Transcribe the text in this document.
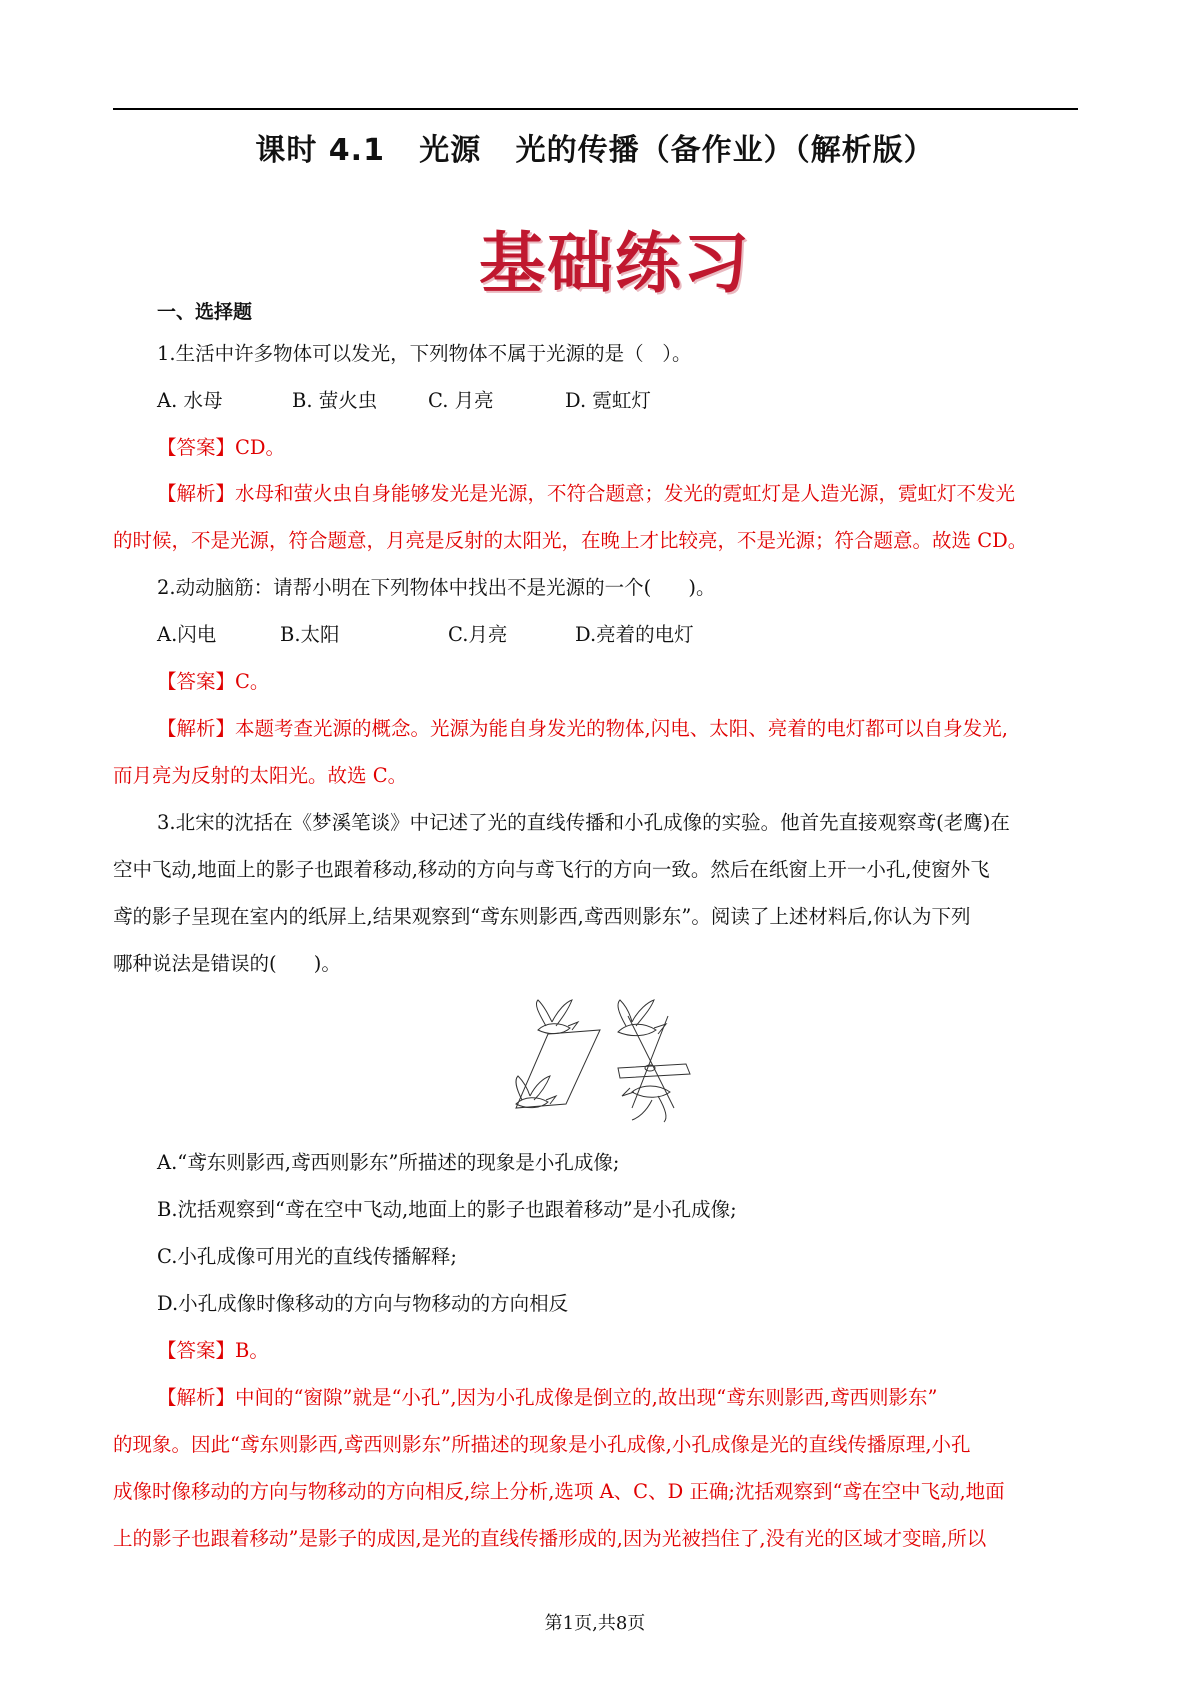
课时 4.1   光源   光的传播（备作业）（解析版）
基础练习
一、选择题
1.生活中许多物体可以发光，下列物体不属于光源的是（   ）。
A. 水母	B. 萤火虫	C. 月亮	D. 霓虹灯
【答案】CD。
【解析】水母和萤火虫自身能够发光是光源，不符合题意；发光的霓虹灯是人造光源，霓虹灯不发光
的时候，不是光源，符合题意，月亮是反射的太阳光，在晚上才比较亮，不是光源；符合题意。故选 CD。
2.动动脑筋：请帮小明在下列物体中找出不是光源的一个(      )。
A.闪电	B.太阳	C.月亮	D.亮着的电灯
【答案】C。
【解析】本题考查光源的概念。光源为能自身发光的物体,闪电、太阳、亮着的电灯都可以自身发光,
而月亮为反射的太阳光。故选 C。
3.北宋的沈括在《梦溪笔谈》中记述了光的直线传播和小孔成像的实验。他首先直接观察鸢(老鹰)在
空中飞动,地面上的影子也跟着移动,移动的方向与鸢飞行的方向一致。然后在纸窗上开一小孔,使窗外飞
鸢的影子呈现在室内的纸屏上,结果观察到“鸢东则影西,鸢西则影东”。阅读了上述材料后,你认为下列
哪种说法是错误的(      )。
A.“鸢东则影西,鸢西则影东”所描述的现象是小孔成像;
B.沈括观察到“鸢在空中飞动,地面上的影子也跟着移动”是小孔成像;
C.小孔成像可用光的直线传播解释;
D.小孔成像时像移动的方向与物移动的方向相反
【答案】B。
【解析】中间的“窗隙”就是“小孔”,因为小孔成像是倒立的,故出现“鸢东则影西,鸢西则影东”
的现象。因此“鸢东则影西,鸢西则影东”所描述的现象是小孔成像,小孔成像是光的直线传播原理,小孔
成像时像移动的方向与物移动的方向相反,综上分析,选项 A、C、D 正确;沈括观察到“鸢在空中飞动,地面
上的影子也跟着移动”是影子的成因,是光的直线传播形成的,因为光被挡住了,没有光的区域才变暗,所以
第1页,共8页
